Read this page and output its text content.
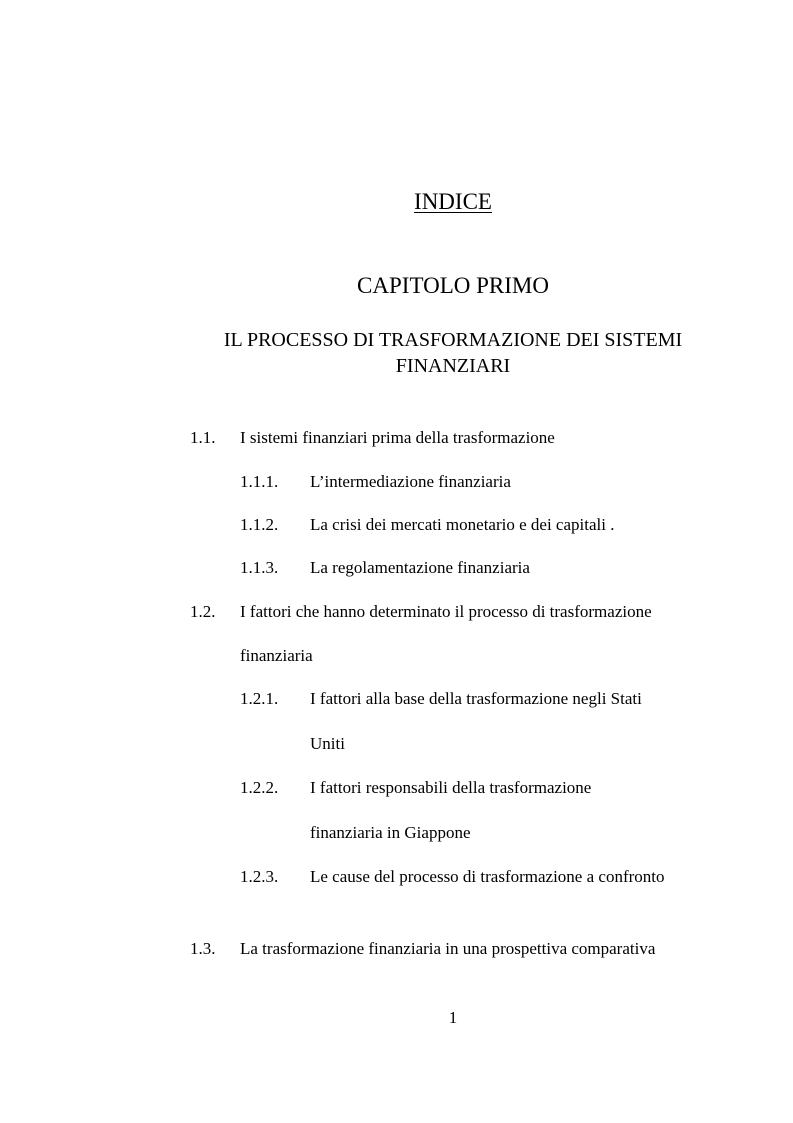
INDICE
CAPITOLO PRIMO
IL PROCESSO DI TRASFORMAZIONE DEI SISTEMI
FINANZIARI
1.1. I sistemi finanziari prima della trasformazione
1.1.1. L’intermediazione finanziaria
1.1.2. La crisi dei mercati monetario e dei capitali .
1.1.3. La regolamentazione finanziaria
1.2. I fattori che hanno determinato il processo di trasformazione
finanziaria
1.2.1. I fattori alla base della trasformazione negli Stati
Uniti
1.2.2. I fattori responsabili della trasformazione
finanziaria in Giappone
1.2.3. Le cause del processo di trasformazione a confronto
1.3. La trasformazione finanziaria in una prospettiva comparativa
1
